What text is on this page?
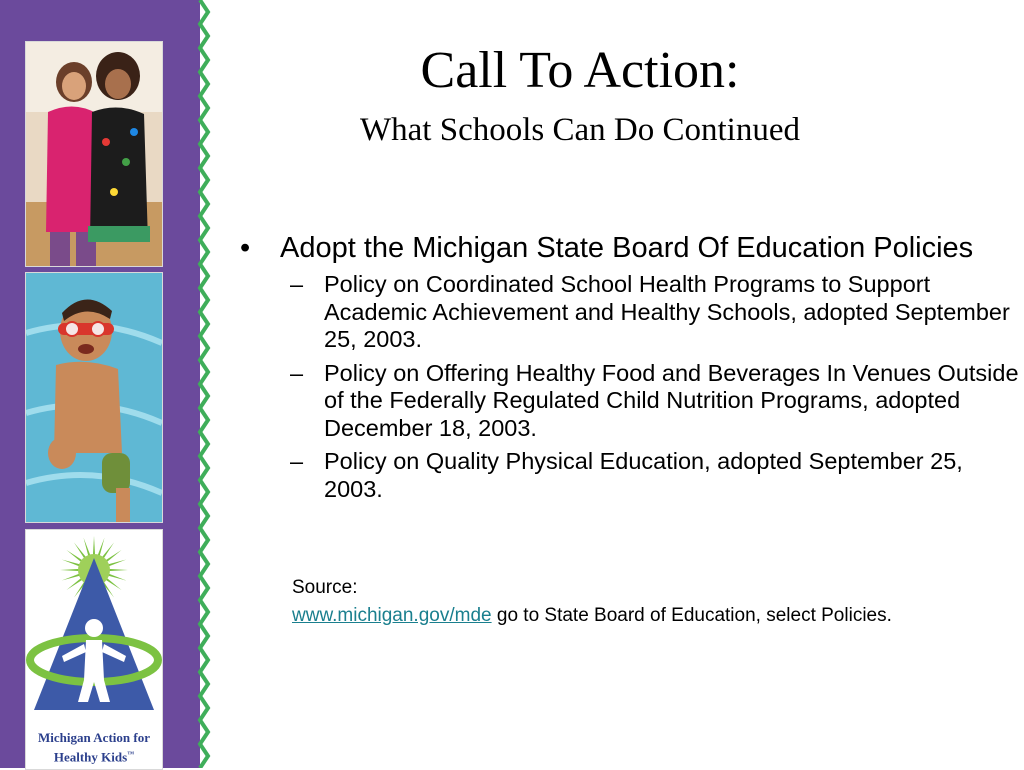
Michigan Action for
Healthy Kids™
Call To Action:
What Schools Can Do Continued
• Adopt the Michigan State Board Of Education Policies
– Policy on Coordinated School Health Programs to Support Academic Achievement and Healthy Schools, adopted September 25, 2003.
– Policy on Offering Healthy Food and Beverages In Venues Outside of the Federally Regulated Child Nutrition Programs, adopted December 18, 2003.
– Policy on Quality Physical Education, adopted September 25, 2003.
Source:
www.michigan.gov/mde go to State Board of Education, select Policies.
